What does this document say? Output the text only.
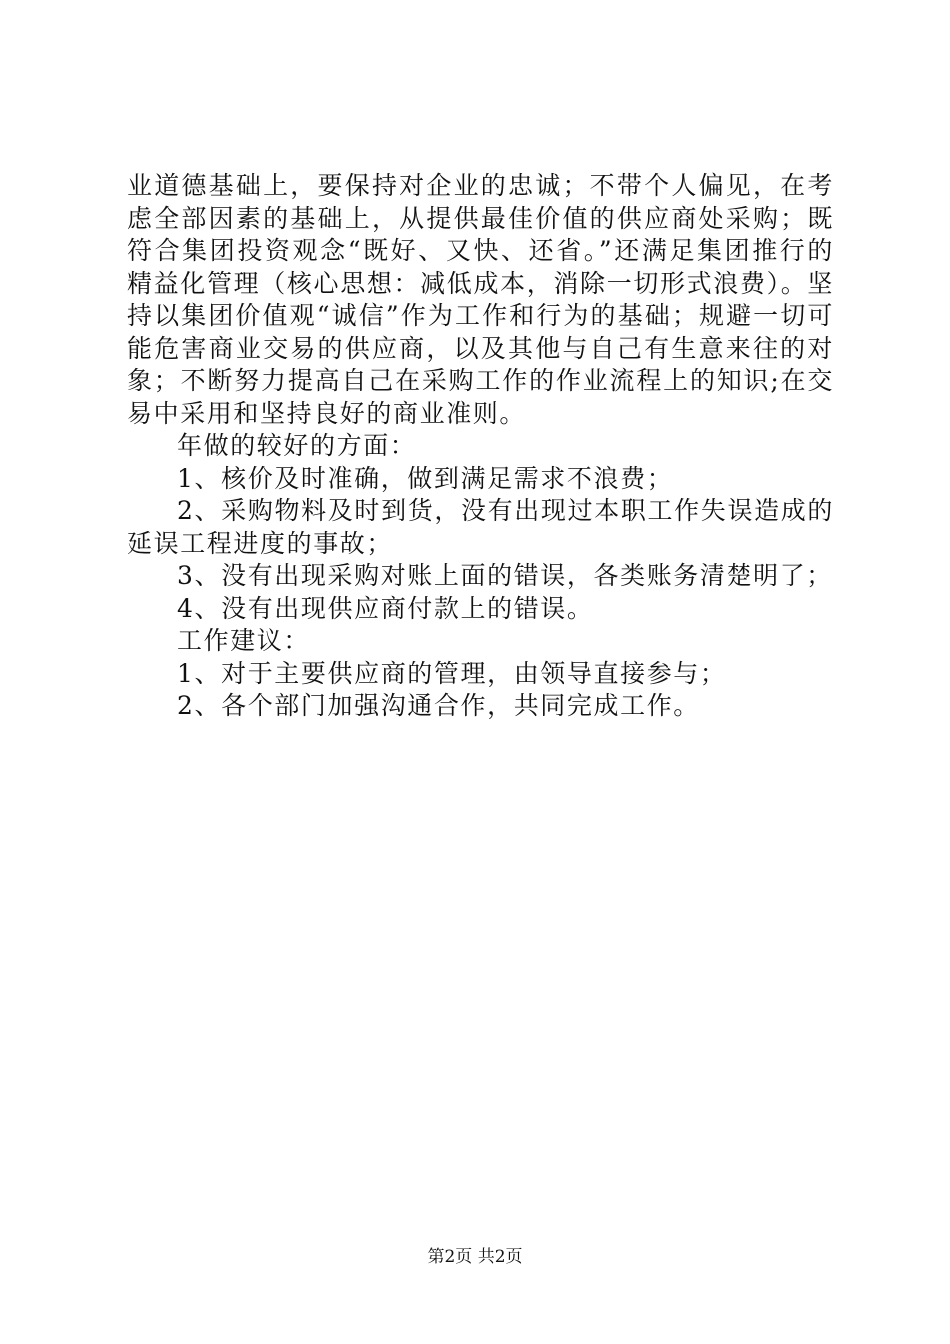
业道德基础上，要保持对企业的忠诚；不带个人偏见，在考虑全部因素的基础上，从提供最佳价值的供应商处采购；既符合集团投资观念“既好、又快、还省。”还满足集团推行的精益化管理（核心思想：减低成本，消除一切形式浪费）。坚持以集团价值观“诚信”作为工作和行为的基础；规避一切可能危害商业交易的供应商，以及其他与自己有生意来往的对象；不断努力提高自己在采购工作的作业流程上的知识;在交易中采用和坚持良好的商业准则。

年做的较好的方面：

1、核价及时准确，做到满足需求不浪费；

2、采购物料及时到货，没有出现过本职工作失误造成的延误工程进度的事故；

3、没有出现采购对账上面的错误，各类账务清楚明了；

4、没有出现供应商付款上的错误。

工作建议：

1、对于主要供应商的管理，由领导直接参与；

2、各个部门加强沟通合作，共同完成工作。

第2页 共2页
